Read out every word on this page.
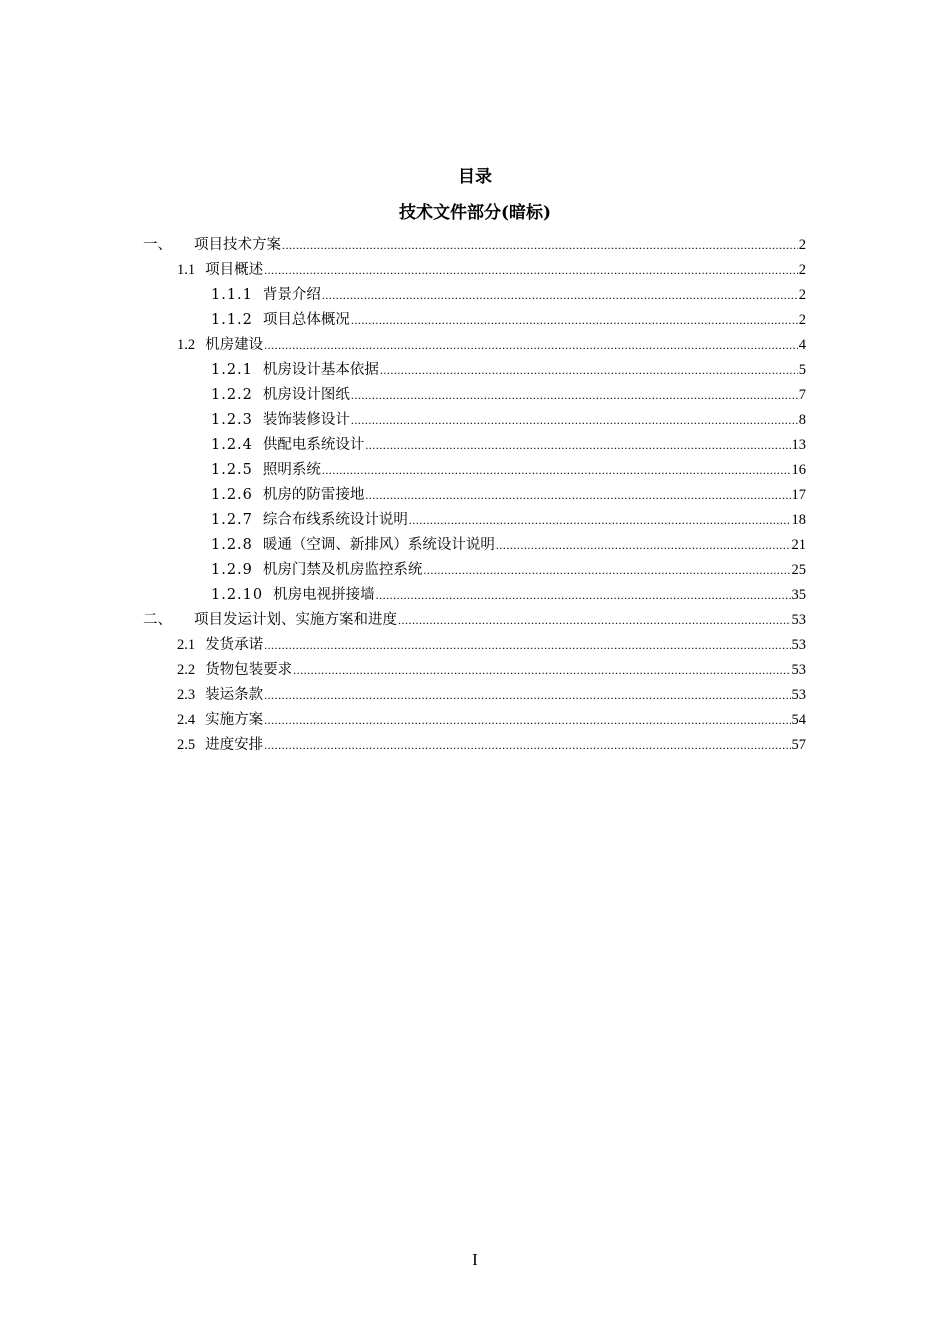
目录
技术文件部分(暗标)
一、 项目技术方案 .....	2
1.1 项目概述 .....	2
1.1.1 背景介绍 .....	2
1.1.2 项目总体概况 .....	2
1.2 机房建设 .....	4
1.2.1 机房设计基本依据 .....	5
1.2.2 机房设计图纸 .....	7
1.2.3 装饰装修设计 .....	8
1.2.4 供配电系统设计 .....	13
1.2.5 照明系统 .....	16
1.2.6 机房的防雷接地 .....	17
1.2.7 综合布线系统设计说明 .....	18
1.2.8 暖通（空调、新排风）系统设计说明 .....	21
1.2.9 机房门禁及机房监控系统 .....	25
1.2.10 机房电视拼接墙 .....	35
二、 项目发运计划、实施方案和进度 .....	53
2.1 发货承诺 .....	53
2.2 货物包装要求 .....	53
2.3 装运条款 .....	53
2.4 实施方案 .....	54
2.5 进度安排 .....	57
I
